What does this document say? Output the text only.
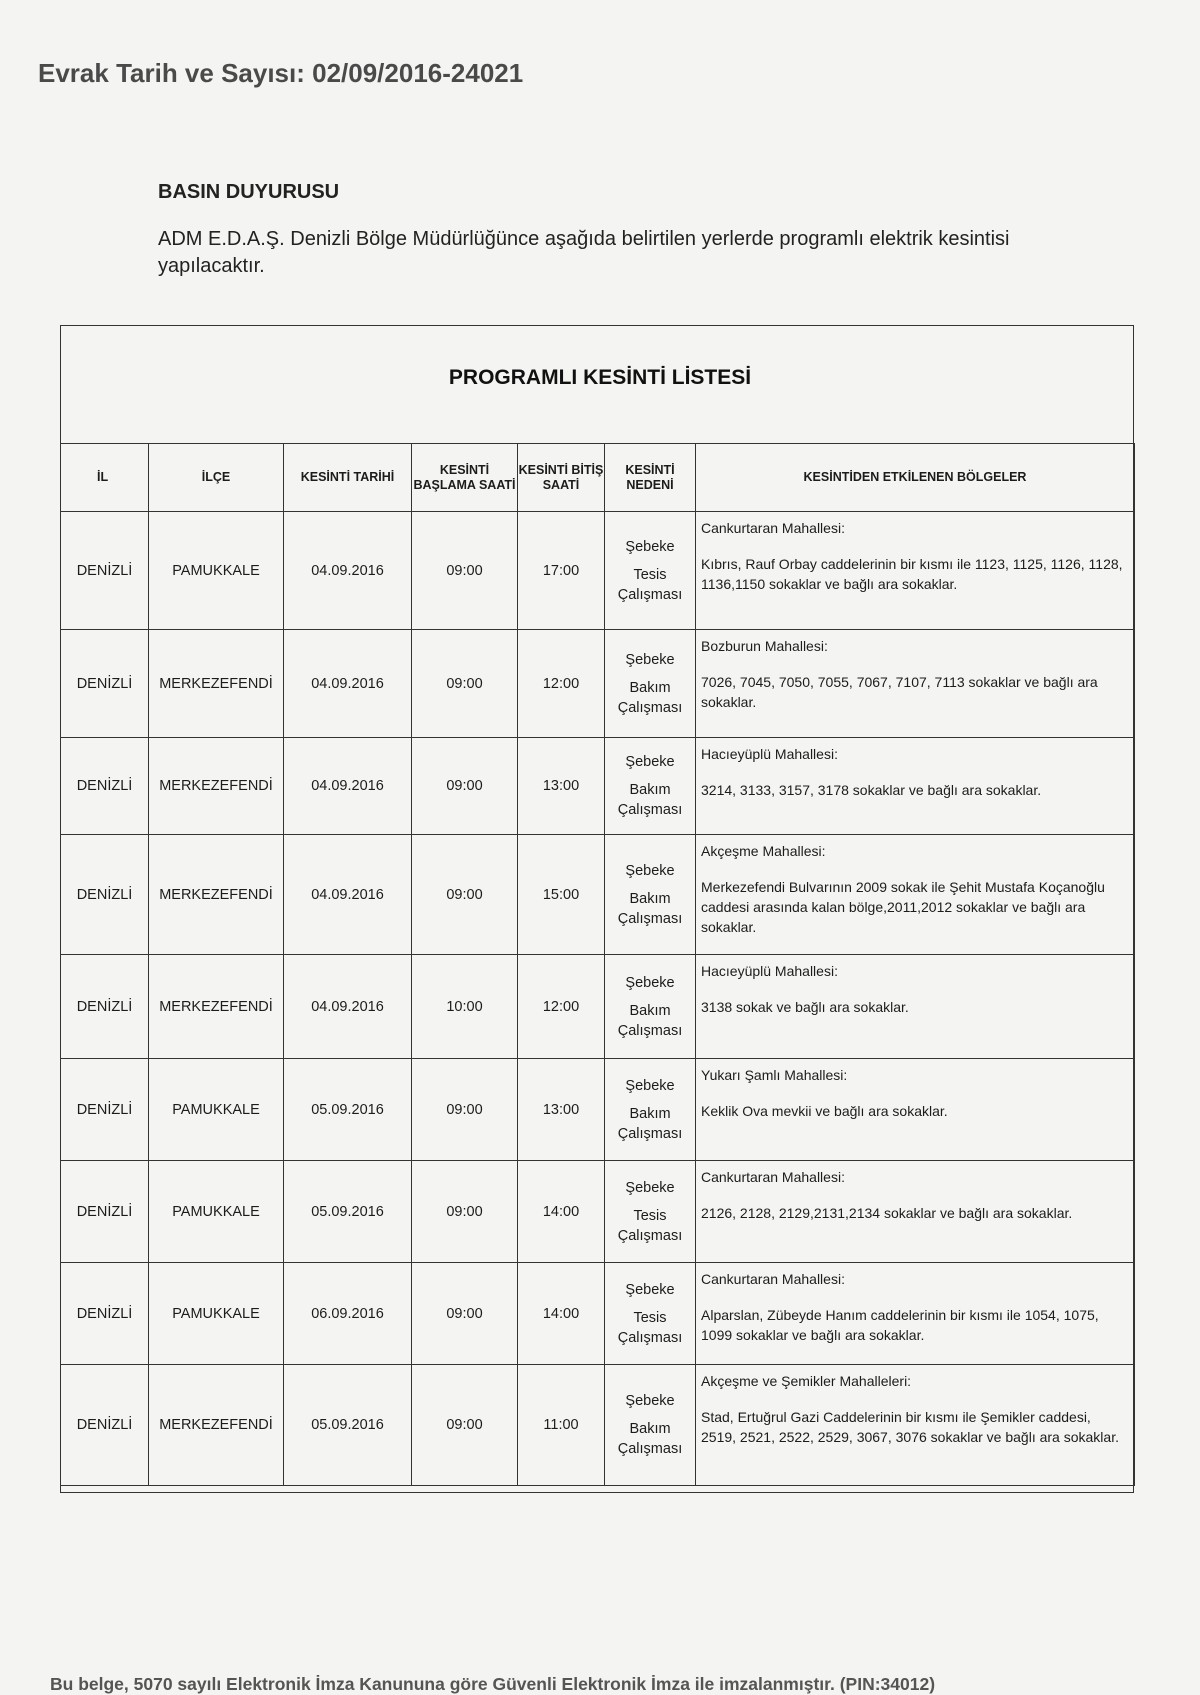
Evrak Tarih ve Sayısı: 02/09/2016-24021
BASIN DUYURUSU
ADM E.D.A.Ş. Denizli Bölge Müdürlüğünce aşağıda belirtilen yerlerde programlı elektrik kesintisi yapılacaktır.
PROGRAMLI KESİNTİ LİSTESİ
İL	İLÇE	KESİNTİ TARİHİ	KESİNTİ BAŞLAMA SAATİ	KESİNTİ BİTİŞ SAATİ	KESİNTİ NEDENİ	KESİNTİDEN ETKİLENEN BÖLGELER
DENİZLİ	PAMUKKALE	04.09.2016	09:00	17:00	Şebeke
Tesis
Çalışması	Cankurtaran Mahallesi:
Kıbrıs, Rauf Orbay caddelerinin bir kısmı ile 1123, 1125, 1126, 1128, 1136,1150 sokaklar ve bağlı ara sokaklar.

DENİZLİ	MERKEZEFENDİ	04.09.2016	09:00	12:00	Şebeke
Bakım
Çalışması	Bozburun Mahallesi:
7026, 7045, 7050, 7055, 7067, 7107, 7113 sokaklar ve bağlı ara sokaklar.

DENİZLİ	MERKEZEFENDİ	04.09.2016	09:00	13:00	Şebeke
Bakım
Çalışması	Hacıeyüplü Mahallesi:
3214, 3133, 3157, 3178 sokaklar ve bağlı ara sokaklar.

DENİZLİ	MERKEZEFENDİ	04.09.2016	09:00	15:00	Şebeke
Bakım
Çalışması	Akçeşme Mahallesi:
Merkezefendi Bulvarının 2009 sokak ile Şehit Mustafa Koçanoğlu caddesi arasında kalan bölge,2011,2012 sokaklar ve bağlı ara sokaklar.

DENİZLİ	MERKEZEFENDİ	04.09.2016	10:00	12:00	Şebeke
Bakım
Çalışması	Hacıeyüplü Mahallesi:
3138 sokak ve bağlı ara sokaklar.

DENİZLİ	PAMUKKALE	05.09.2016	09:00	13:00	Şebeke
Bakım
Çalışması	Yukarı Şamlı Mahallesi:
Keklik Ova mevkii ve bağlı ara sokaklar.

DENİZLİ	PAMUKKALE	05.09.2016	09:00	14:00	Şebeke
Tesis
Çalışması	Cankurtaran Mahallesi:
2126, 2128, 2129,2131,2134 sokaklar ve bağlı ara sokaklar.

DENİZLİ	PAMUKKALE	06.09.2016	09:00	14:00	Şebeke
Tesis
Çalışması	Cankurtaran Mahallesi:
Alparslan, Zübeyde Hanım caddelerinin bir kısmı ile 1054, 1075, 1099 sokaklar ve bağlı ara sokaklar.

DENİZLİ	MERKEZEFENDİ	05.09.2016	09:00	11:00	Şebeke
Bakım
Çalışması	Akçeşme ve Şemikler Mahalleleri:
Stad, Ertuğrul Gazi Caddelerinin bir kısmı ile Şemikler caddesi, 2519, 2521, 2522, 2529, 3067, 3076 sokaklar ve bağlı ara sokaklar.
Bu belge, 5070 sayılı Elektronik İmza Kanununa göre Güvenli Elektronik İmza ile imzalanmıştır. (PIN:34012)
